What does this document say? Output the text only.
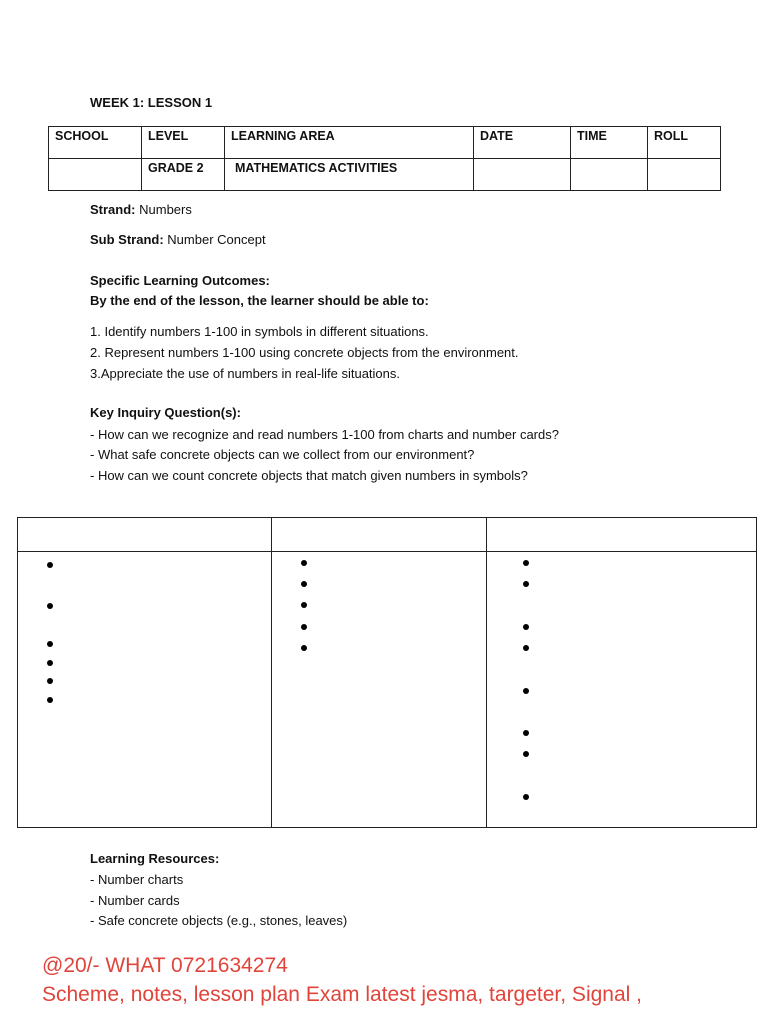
WEEK 1: LESSON 1
SCHOOL	LEVEL	LEARNING AREA	DATE	TIME	ROLL
	GRADE 2	MATHEMATICS ACTIVITIES			
Strand: Numbers
Sub Strand: Number Concept
Specific Learning Outcomes:
By the end of the lesson, the learner should be able to:
1. Identify numbers 1-100 in symbols in different situations.
2. Represent numbers 1-100 using concrete objects from the environment.
3.Appreciate the use of numbers in real-life situations.
Key Inquiry Question(s):
- How can we recognize and read numbers 1-100 from charts and number cards?
- What safe concrete objects can we collect from our environment?
- How can we count concrete objects that match given numbers in symbols?
Learning Resources:
- Number charts
- Number cards
- Safe concrete objects (e.g., stones, leaves)
@20/- WHAT 0721634274
Scheme, notes, lesson plan Exam latest jesma, targeter, Signal ,
